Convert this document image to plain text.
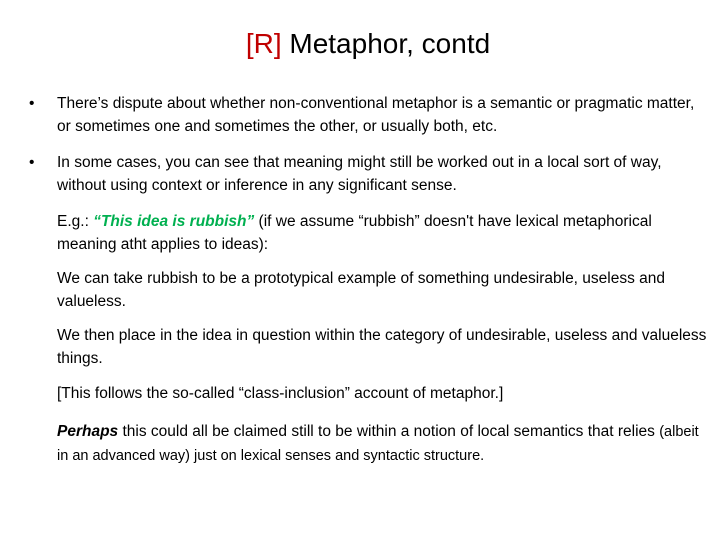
[R] Metaphor, contd
•	There’s dispute about whether non-conventional metaphor is a semantic or pragmatic matter, or sometimes one and sometimes the other, or usually both, etc.
•	In some cases, you can see that meaning might still be worked out in a local sort of way, without using context or inference in any significant sense.
E.g.: “This idea is rubbish” (if we assume “rubbish” doesn't have lexical metaphorical meaning atht applies to ideas):
We can take rubbish to be a prototypical example of something undesirable, useless and valueless.
We then place in the idea in question within the category of undesirable, useless and valueless things.
[This follows the so-called “class-inclusion” account of metaphor.]
Perhaps this could all be claimed still to be within a notion of local semantics that relies (albeit in an advanced way) just on lexical senses and syntactic structure.
